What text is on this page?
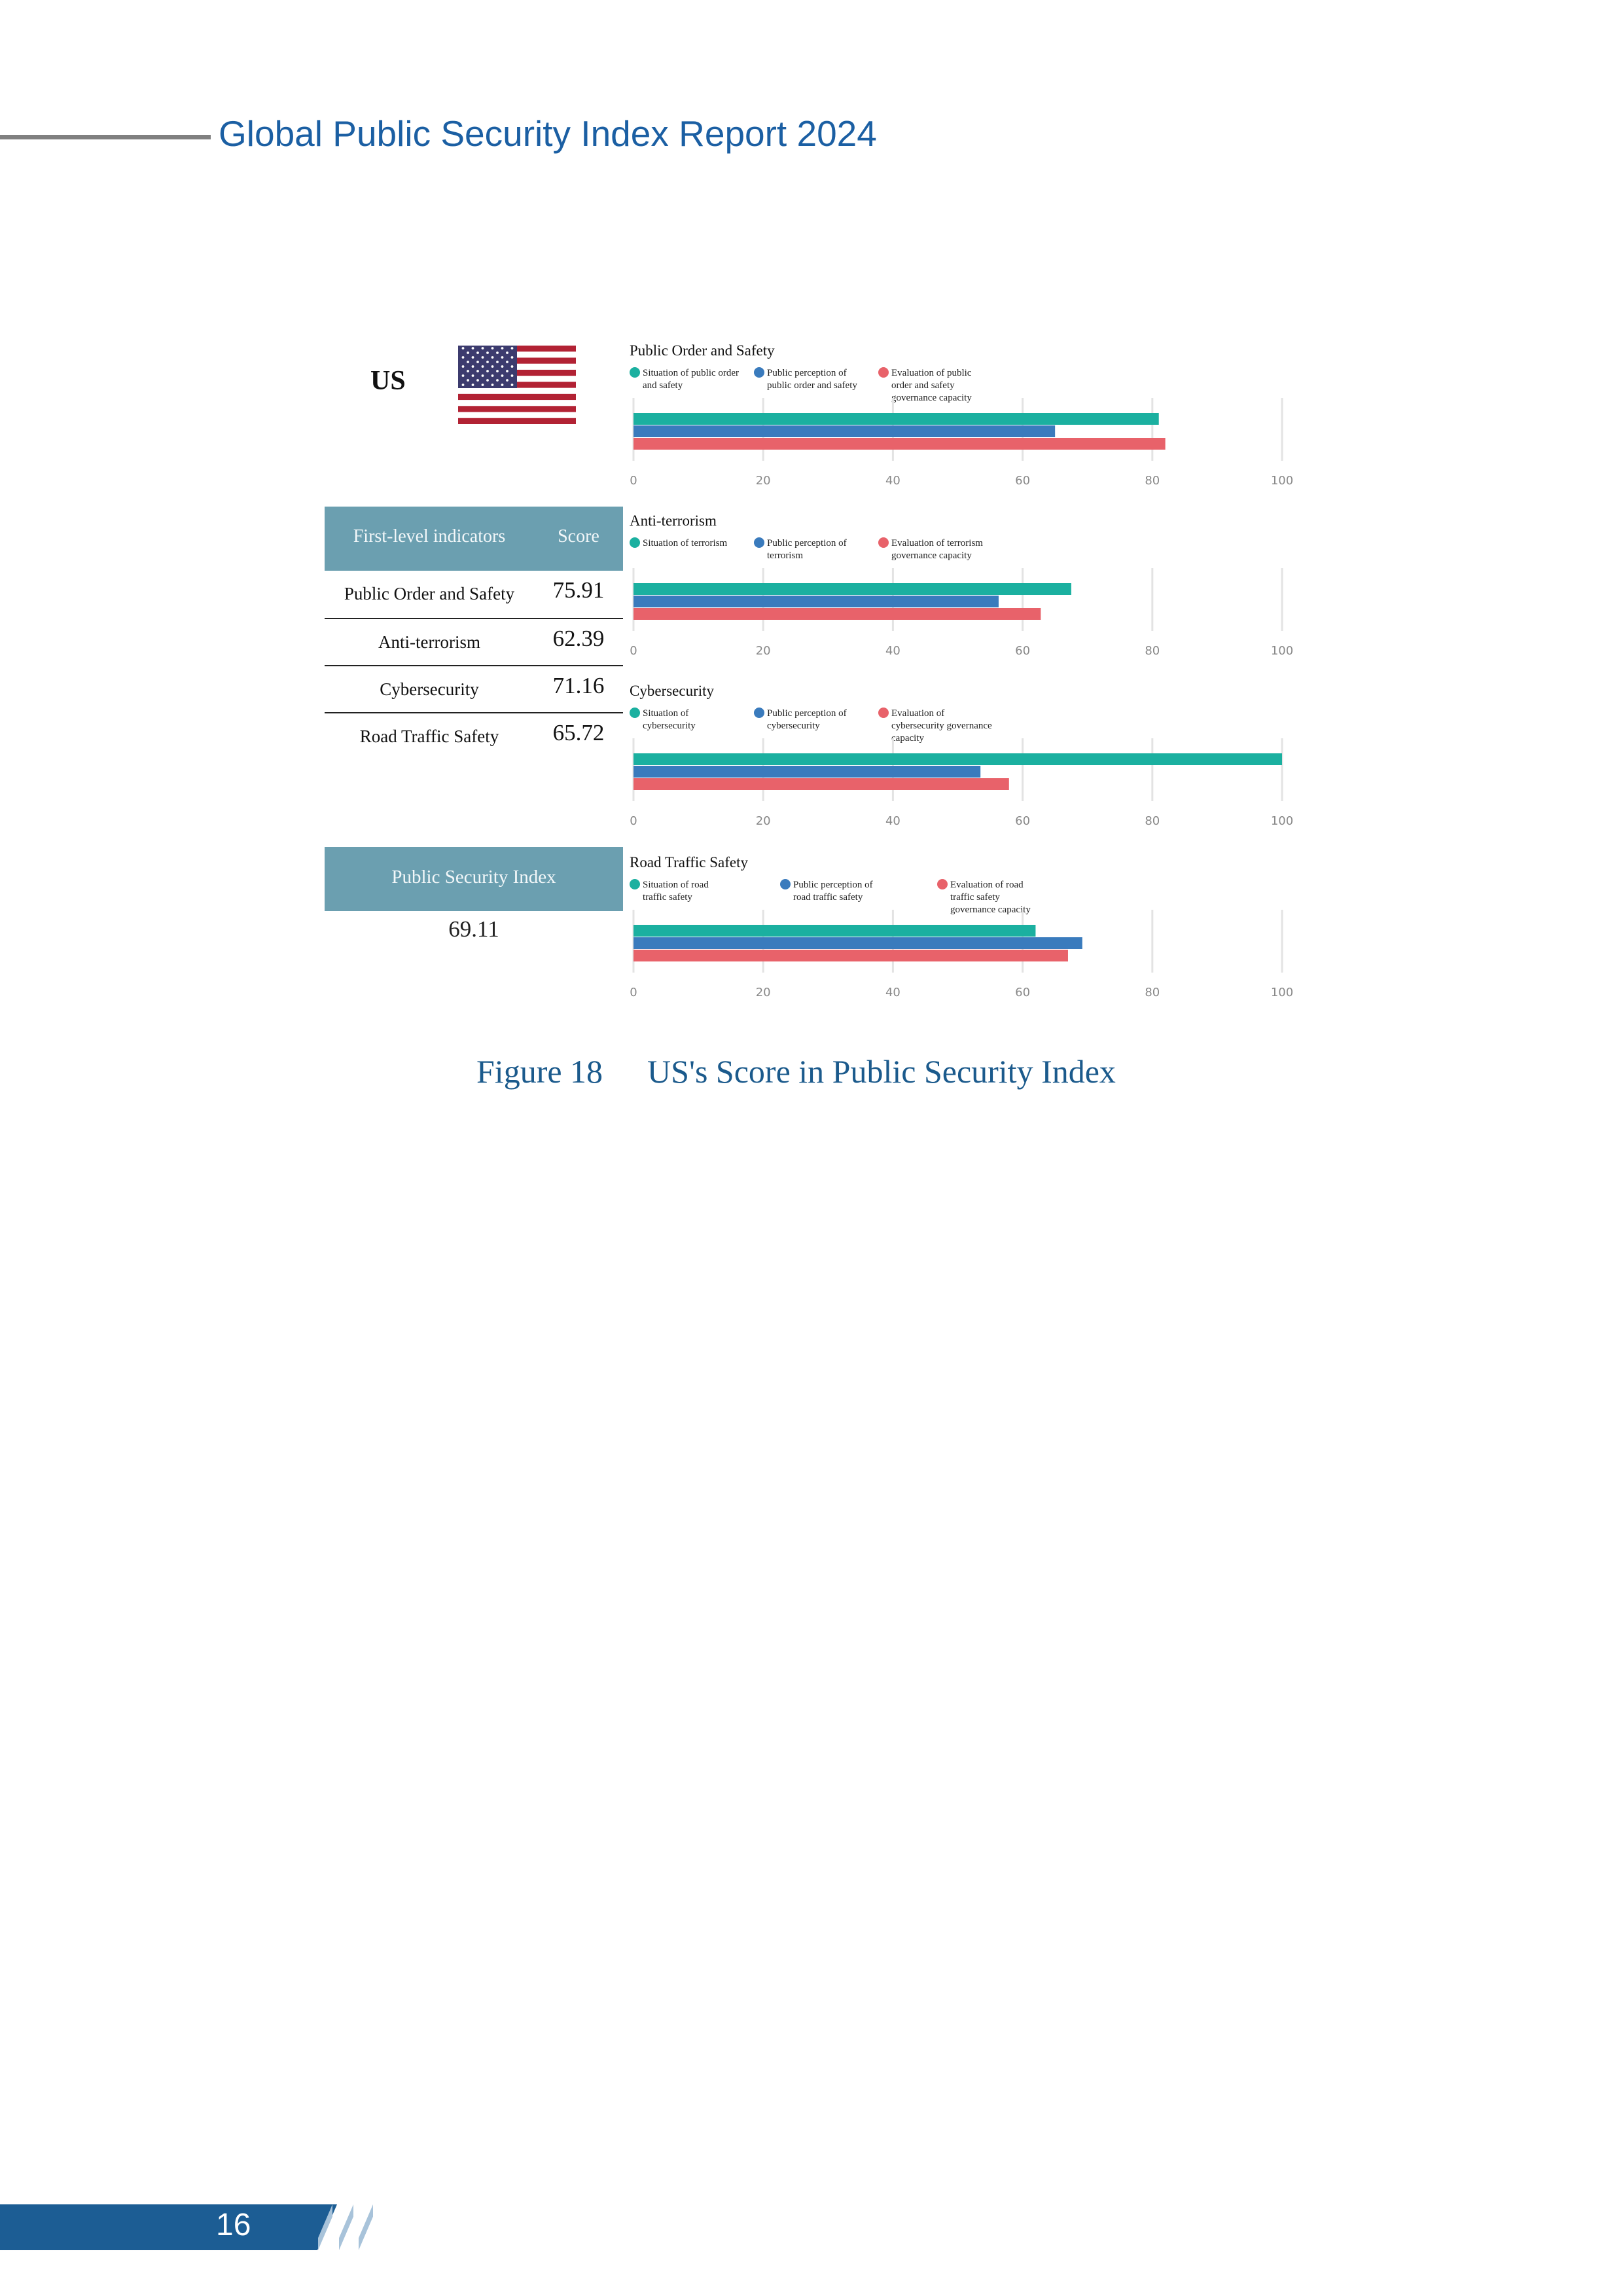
Global Public Security Index Report 2024
US
First-level indicators	Score
Public Order and Safety	75.91
Anti-terrorism	62.39
Cybersecurity	71.16
Road Traffic Safety	65.72
Public Security Index
69.11
Public Order and Safety
Situation of public order
and safety
Public perception of
public order and safety
Evaluation of public
order and safety
governance capacity
0	20	40	60	80	100
Anti-terrorism
Situation of terrorism	Public perception of
terrorism
Evaluation of terrorism
governance capacity
0	20	40	60	80	100
Cybersecurity
Situation of
cybersecurity
Public perception of
cybersecurity
Evaluation of
cybersecurity governance
capacity
0	20	40	60	80	100
Road Traffic Safety
Situation of road
traffic safety
Public perception of
road traffic safety
Evaluation of road
traffic safety
governance capacity
0	20	40	60	80	100
Figure 18 US's Score in Public Security Index
16
